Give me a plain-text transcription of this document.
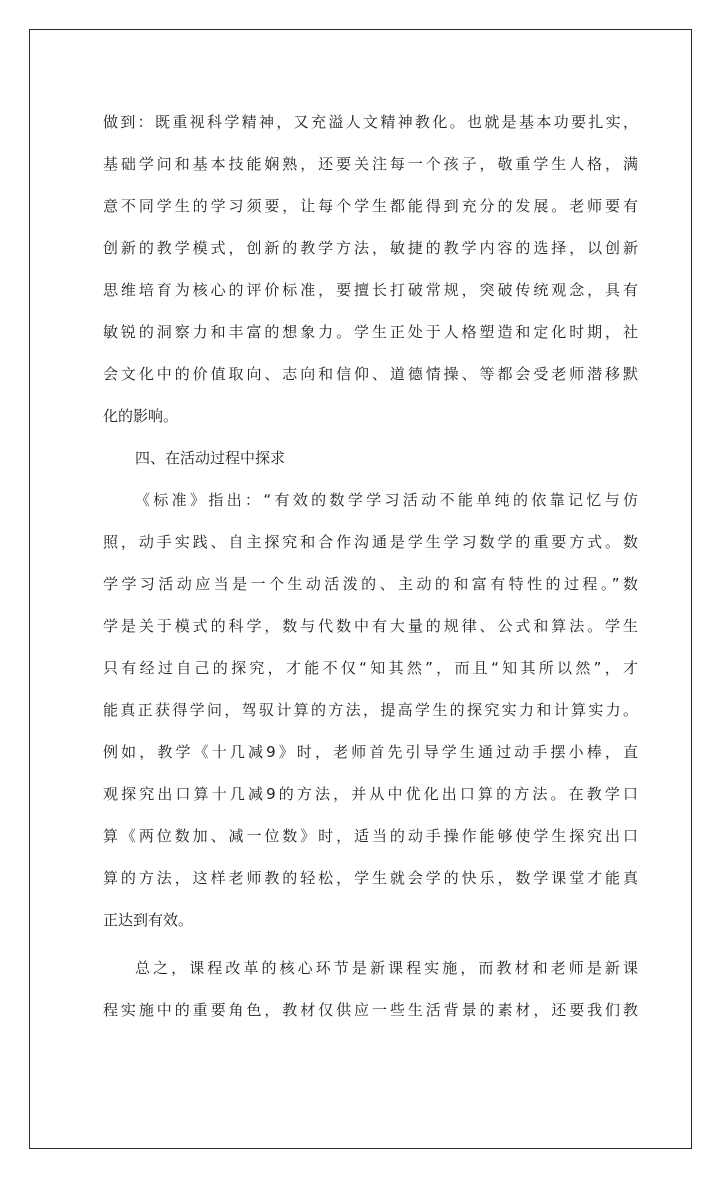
做到：既重视科学精神，又充溢人文精神教化。也就是基本功要扎实，
基础学问和基本技能娴熟，还要关注每一个孩子，敬重学生人格，满
意不同学生的学习须要，让每个学生都能得到充分的发展。老师要有
创新的教学模式，创新的教学方法，敏捷的教学内容的选择，以创新
思维培育为核心的评价标准，要擅长打破常规，突破传统观念，具有
敏锐的洞察力和丰富的想象力。学生正处于人格塑造和定化时期，社
会文化中的价值取向、志向和信仰、道德情操、等都会受老师潜移默
化的影响。
四、在活动过程中探求
《标准》指出：“有效的数学学习活动不能单纯的依靠记忆与仿
照，动手实践、自主探究和合作沟通是学生学习数学的重要方式。数
学学习活动应当是一个生动活泼的、主动的和富有特性的过程。”数
学是关于模式的科学，数与代数中有大量的规律、公式和算法。学生
只有经过自己的探究，才能不仅“知其然”，而且“知其所以然”，才
能真正获得学问，驾驭计算的方法，提高学生的探究实力和计算实力。
例如，教学《十几减9》时，老师首先引导学生通过动手摆小棒，直
观探究出口算十几减9的方法，并从中优化出口算的方法。在教学口
算《两位数加、减一位数》时，适当的动手操作能够使学生探究出口
算的方法，这样老师教的轻松，学生就会学的快乐，数学课堂才能真
正达到有效。
总之，课程改革的核心环节是新课程实施，而教材和老师是新课
程实施中的重要角色，教材仅供应一些生活背景的素材，还要我们教
